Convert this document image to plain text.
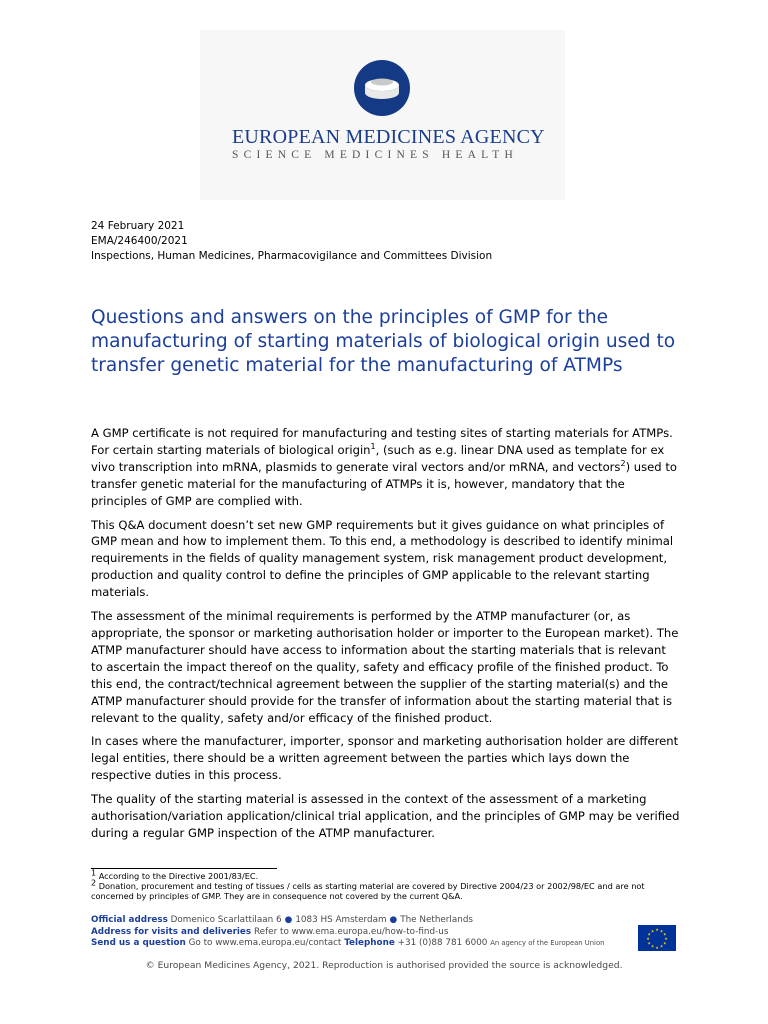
EUROPEAN MEDICINES AGENCY
SCIENCE MEDICINES HEALTH
24 February 2021
EMA/246400/2021
Inspections, Human Medicines, Pharmacovigilance and Committees Division
Questions and answers on the principles of GMP for the manufacturing of starting materials of biological origin used to transfer genetic material for the manufacturing of ATMPs

A GMP certificate is not required for manufacturing and testing sites of starting materials for ATMPs. For certain starting materials of biological origin$^1$, (such as e.g. linear DNA used as template for ex vivo transcription into mRNA, plasmids to generate viral vectors and/or mRNA, and vectors$^2$) used to transfer genetic material for the manufacturing of ATMPs it is, however, mandatory that the principles of GMP are complied with.

This Q&A document doesn’t set new GMP requirements but it gives guidance on what principles of GMP mean and how to implement them. To this end, a methodology is described to identify minimal requirements in the fields of quality management system, risk management product development, production and quality control to define the principles of GMP applicable to the relevant starting materials.

The assessment of the minimal requirements is performed by the ATMP manufacturer (or, as appropriate, the sponsor or marketing authorisation holder or importer to the European market). The ATMP manufacturer should have access to information about the starting materials that is relevant to ascertain the impact thereof on the quality, safety and efficacy profile of the finished product. To this end, the contract/technical agreement between the supplier of the starting material(s) and the ATMP manufacturer should provide for the transfer of information about the starting material that is relevant to the quality, safety and/or efficacy of the finished product.

In cases where the manufacturer, importer, sponsor and marketing authorisation holder are different legal entities, there should be a written agreement between the parties which lays down the respective duties in this process.

The quality of the starting material is assessed in the context of the assessment of a marketing authorisation/variation application/clinical trial application, and the principles of GMP may be verified during a regular GMP inspection of the ATMP manufacturer.

$^1$ According to the Directive 2001/83/EC.
$^2$ Donation, procurement and testing of tissues / cells as starting material are covered by Directive 2004/23 or 2002/98/EC and are not concerned by principles of GMP. They are in consequence not covered by the current Q&A.
Official address Domenico Scarlattilaan 6 ● 1083 HS Amsterdam ● The Netherlands
Address for visits and deliveries Refer to www.ema.europa.eu/how-to-find-us
Send us a question Go to www.ema.europa.eu/contact Telephone +31 (0)88 781 6000 An agency of the European Union
★ ★
★
★
★
★
★
★
★
★
★
★
© European Medicines Agency, 2021. Reproduction is authorised provided the source is acknowledged.
